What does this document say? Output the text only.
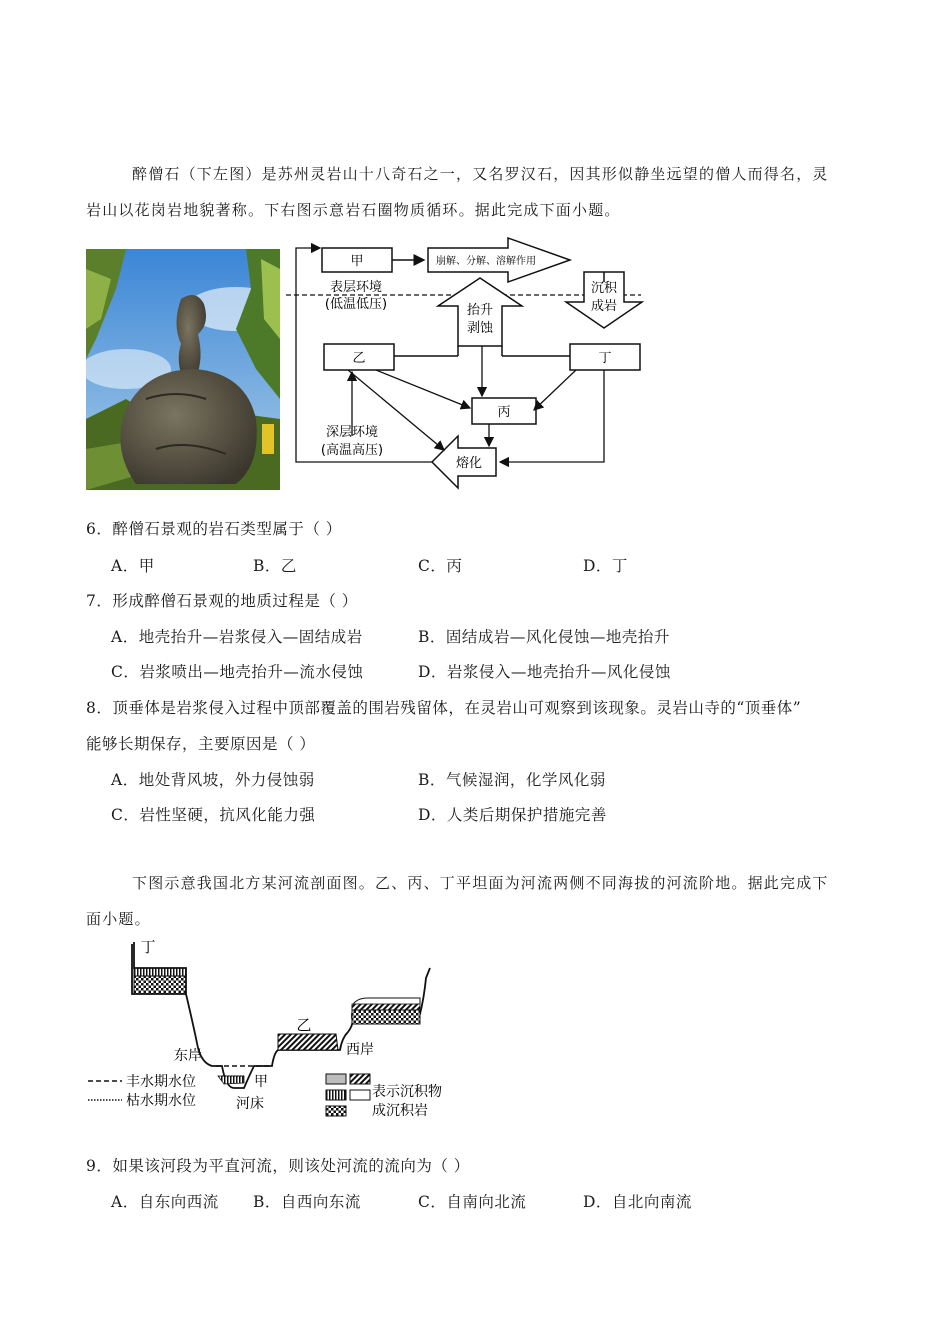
醉僧石（下左图）是苏州灵岩山十八奇石之一，又名罗汉石，因其形似静坐远望的僧人而得名，灵
岩山以花岗岩地貌著称。下右图示意岩石圈物质循环。据此完成下面小题。
甲	崩解、分解、溶解作用
表层环境
(低温低压)	抬升
剥蚀
沉积
成岩
乙	丁
丙
熔化
深层环境
(高温高压)
6．醉僧石景观的岩石类型属于（ ）
A．甲	B．乙	C．丙	D．丁
7．形成醉僧石景观的地质过程是（ ）
A．地壳抬升—岩浆侵入—固结成岩	B．固结成岩—风化侵蚀—地壳抬升
C．岩浆喷出—地壳抬升—流水侵蚀	D．岩浆侵入—地壳抬升—风化侵蚀
8．顶垂体是岩浆侵入过程中顶部覆盖的围岩残留体，在灵岩山可观察到该现象。灵岩山寺的“顶垂体”
能够长期保存，主要原因是（ ）
A．地处背风坡，外力侵蚀弱	B．气候湿润，化学风化弱
C．岩性坚硬，抗风化能力强	D．人类后期保护措施完善
下图示意我国北方某河流剖面图。乙、丙、丁平坦面为河流两侧不同海拔的河流阶地。据此完成下
面小题。
丁
乙
甲
东岸	西岸
河床
丰水期水位
枯水期水位
表示沉积物
成沉积岩
9．如果该河段为平直河流，则该处河流的流向为（ ）
A．自东向西流 B．自西向东流	C．自南向北流	D．自北向南流
